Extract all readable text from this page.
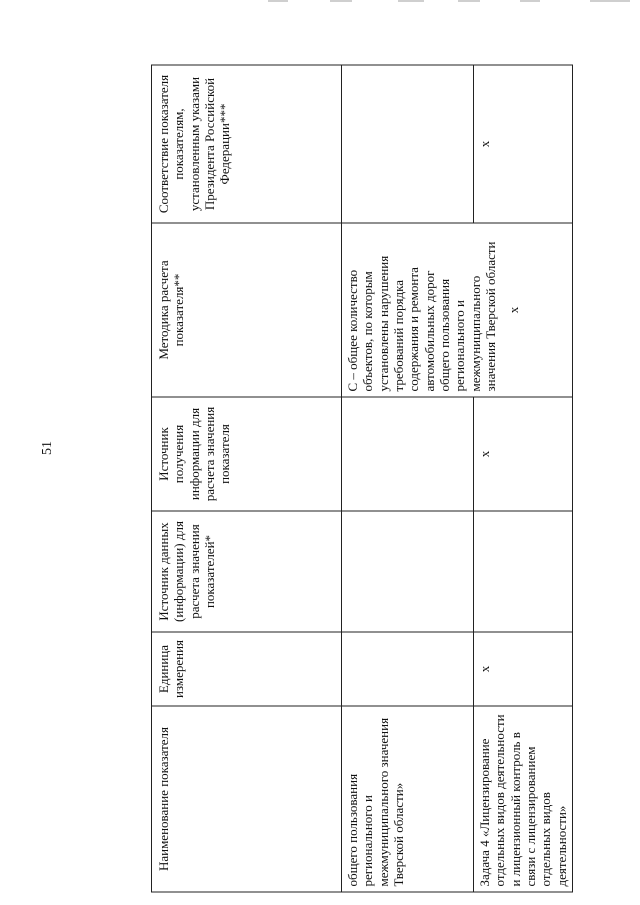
51
Наименование показателя	Единица измерения	Источник данных (информации) для расчета значения показателей*	Источник получения информации для расчета значения показателя	Методика расчета показателя**	Соответствие показателя показателям, установленным указами Президента Российской Федерации***
общего пользования регионального и межмуниципального значения Тверской области»				С – общее количество объектов, по которым установлены нарушения требований порядка содержания и ремонта автомобильных дорог общего пользования регионального и межмуниципального значения Тверской области х	

Задача 4 «Лицензирование отдельных видов деятельности и лицензионный контроль в связи с лицензированием отдельных видов деятельности»	х		х		х
